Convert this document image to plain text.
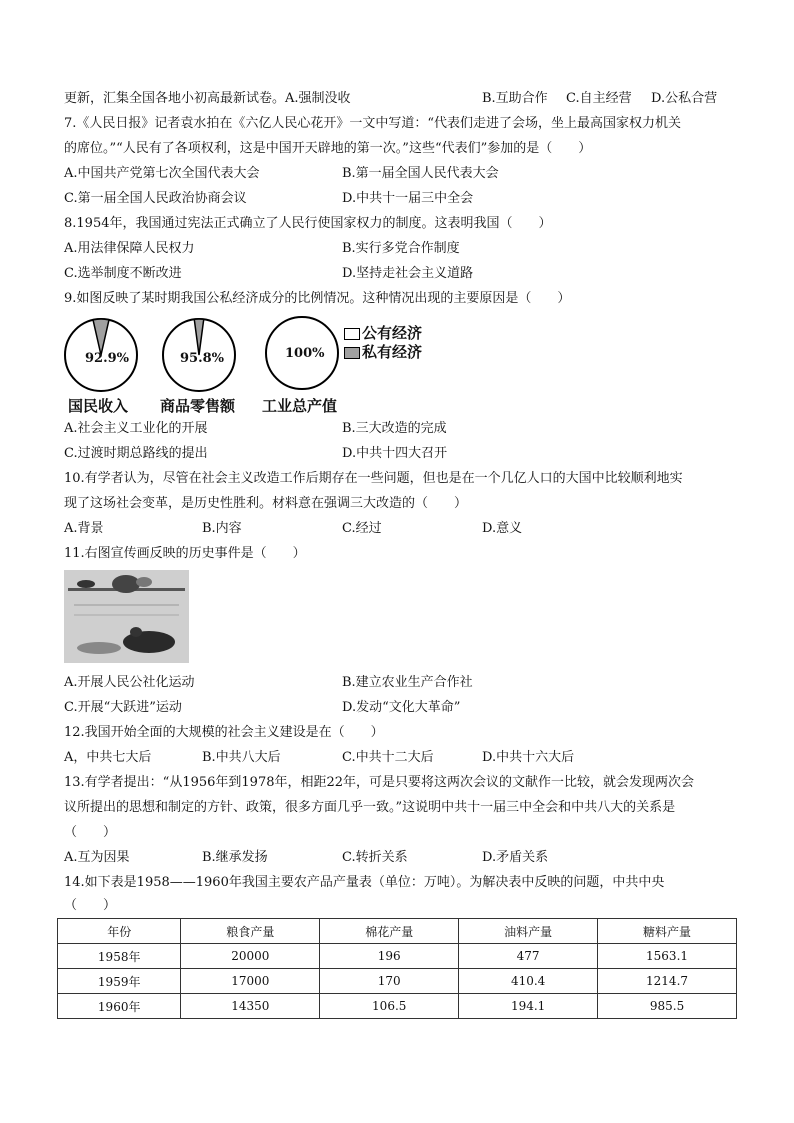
更新，汇集全国各地小初高最新试卷。A.强制没收	B.互助合作 C.自主经营 D.公私合营
7.《人民日报》记者袁水拍在《六亿人民心花开》一文中写道：“代表们走进了会场，坐上最高国家权力机关
的席位。”“人民有了各项权利，这是中国开天辟地的第一次。”这些“代表们”参加的是（　　）
A.中国共产党第七次全国代表大会	B.第一届全国人民代表大会
C.第一届全国人民政治协商会议	D.中共十一届三中全会
8.1954年，我国通过宪法正式确立了人民行使国家权力的制度。这表明我国（　　）
A.用法律保障人民权力	B.实行多党合作制度
C.选举制度不断改进	D.坚持走社会主义道路
9.如图反映了某时期我国公私经济成分的比例情况。这种情况出现的主要原因是（　　）
92.9%	95.8%	100%
国民收入 商品零售额 工业总产值
公有经济
私有经济
A.社会主义工业化的开展	B.三大改造的完成
C.过渡时期总路线的提出	D.中共十四大召开
10.有学者认为，尽管在社会主义改造工作后期存在一些问题，但也是在一个几亿人口的大国中比较顺利地实
现了这场社会变革，是历史性胜利。材料意在强调三大改造的（　　）
A.背景	B.内容	C.经过	D.意义
11.右图宣传画反映的历史事件是（　　）
A.开展人民公社化运动	B.建立农业生产合作社
C.开展“大跃进”运动	D.发动“文化大革命”
12.我国开始全面的大规模的社会主义建设是在（　　）
A，中共七大后	B.中共八大后	C.中共十二大后	D.中共十六大后
13.有学者提出：“从1956年到1978年，相距22年，可是只要将这两次会议的文献作一比较，就会发现两次会
议所提出的思想和制定的方针、政策，很多方面几乎一致。”这说明中共十一届三中全会和中共八大的关系是
（　　）
A.互为因果	B.继承发扬	C.转折关系	D.矛盾关系
14.如下表是1958——1960年我国主要农产品产量表（单位：万吨）。为解决表中反映的问题，中共中央
（　　）
年份	粮食产量	棉花产量	油料产量	糖料产量
1958年	20000	196	477	1563.1
1959年	17000	170	410.4	1214.7
1960年	14350	106.5	194.1	985.5
